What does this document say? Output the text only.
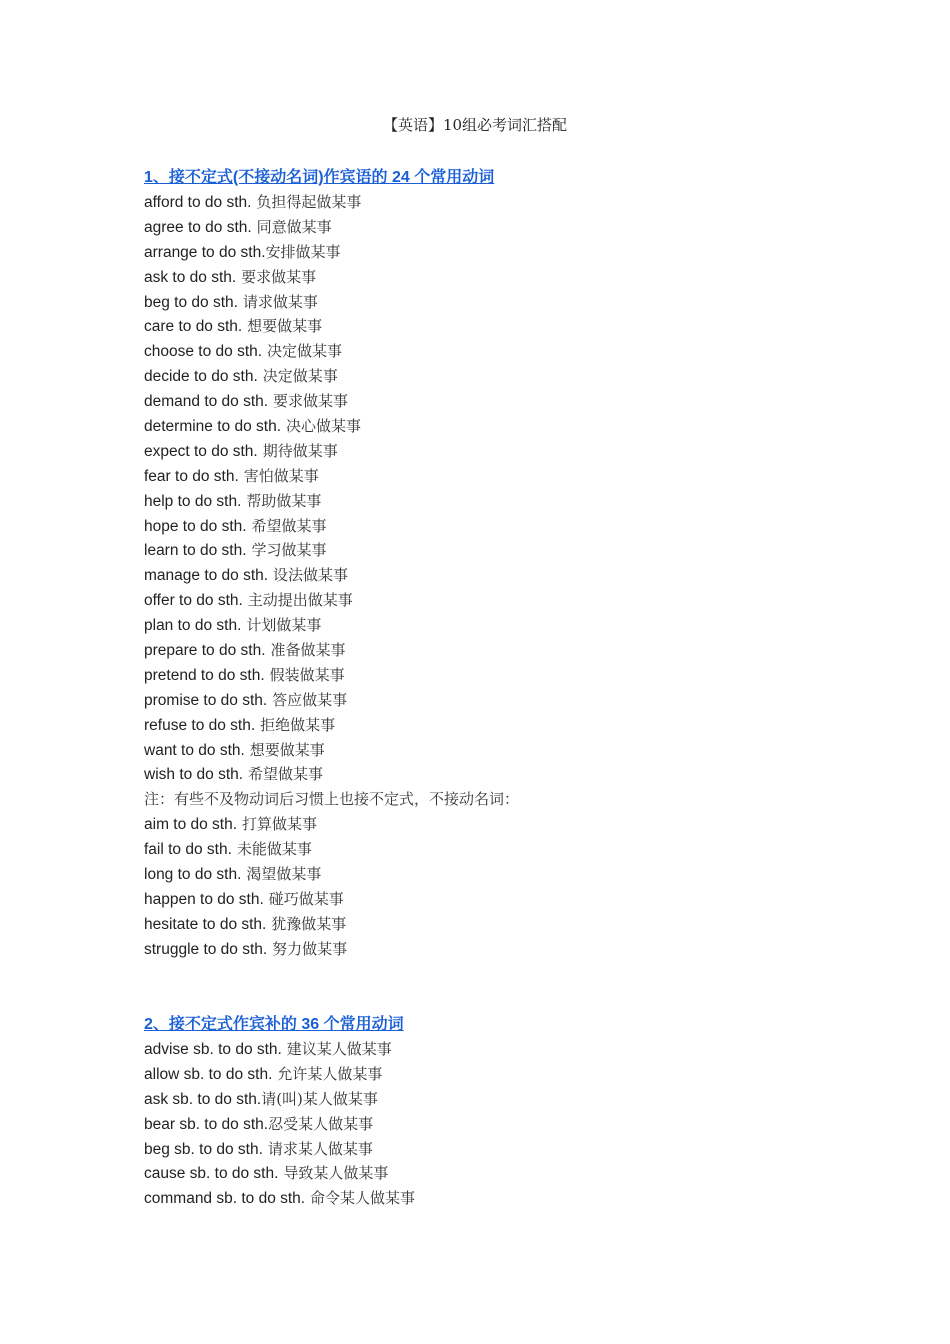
【英语】10组必考词汇搭配
1、接不定式(不接动名词)作宾语的 24 个常用动词
afford to do sth. 负担得起做某事
agree to do sth. 同意做某事
arrange to do sth.安排做某事
ask to do sth. 要求做某事
beg to do sth. 请求做某事
care to do sth. 想要做某事
choose to do sth. 决定做某事
decide to do sth. 决定做某事
demand to do sth. 要求做某事
determine to do sth. 决心做某事
expect to do sth. 期待做某事
fear to do sth. 害怕做某事
help to do sth. 帮助做某事
hope to do sth. 希望做某事
learn to do sth. 学习做某事
manage to do sth. 设法做某事
offer to do sth. 主动提出做某事
plan to do sth. 计划做某事
prepare to do sth. 准备做某事
pretend to do sth. 假装做某事
promise to do sth. 答应做某事
refuse to do sth. 拒绝做某事
want to do sth. 想要做某事
wish to do sth. 希望做某事
注：有些不及物动词后习惯上也接不定式，不接动名词：
aim to do sth. 打算做某事
fail to do sth. 未能做某事
long to do sth. 渴望做某事
happen to do sth. 碰巧做某事
hesitate to do sth. 犹豫做某事
struggle to do sth. 努力做某事
2、接不定式作宾补的 36 个常用动词
advise sb. to do sth. 建议某人做某事
allow sb. to do sth. 允许某人做某事
ask sb. to do sth.请(叫)某人做某事
bear sb. to do sth.忍受某人做某事
beg sb. to do sth. 请求某人做某事
cause sb. to do sth. 导致某人做某事
command sb. to do sth. 命令某人做某事
